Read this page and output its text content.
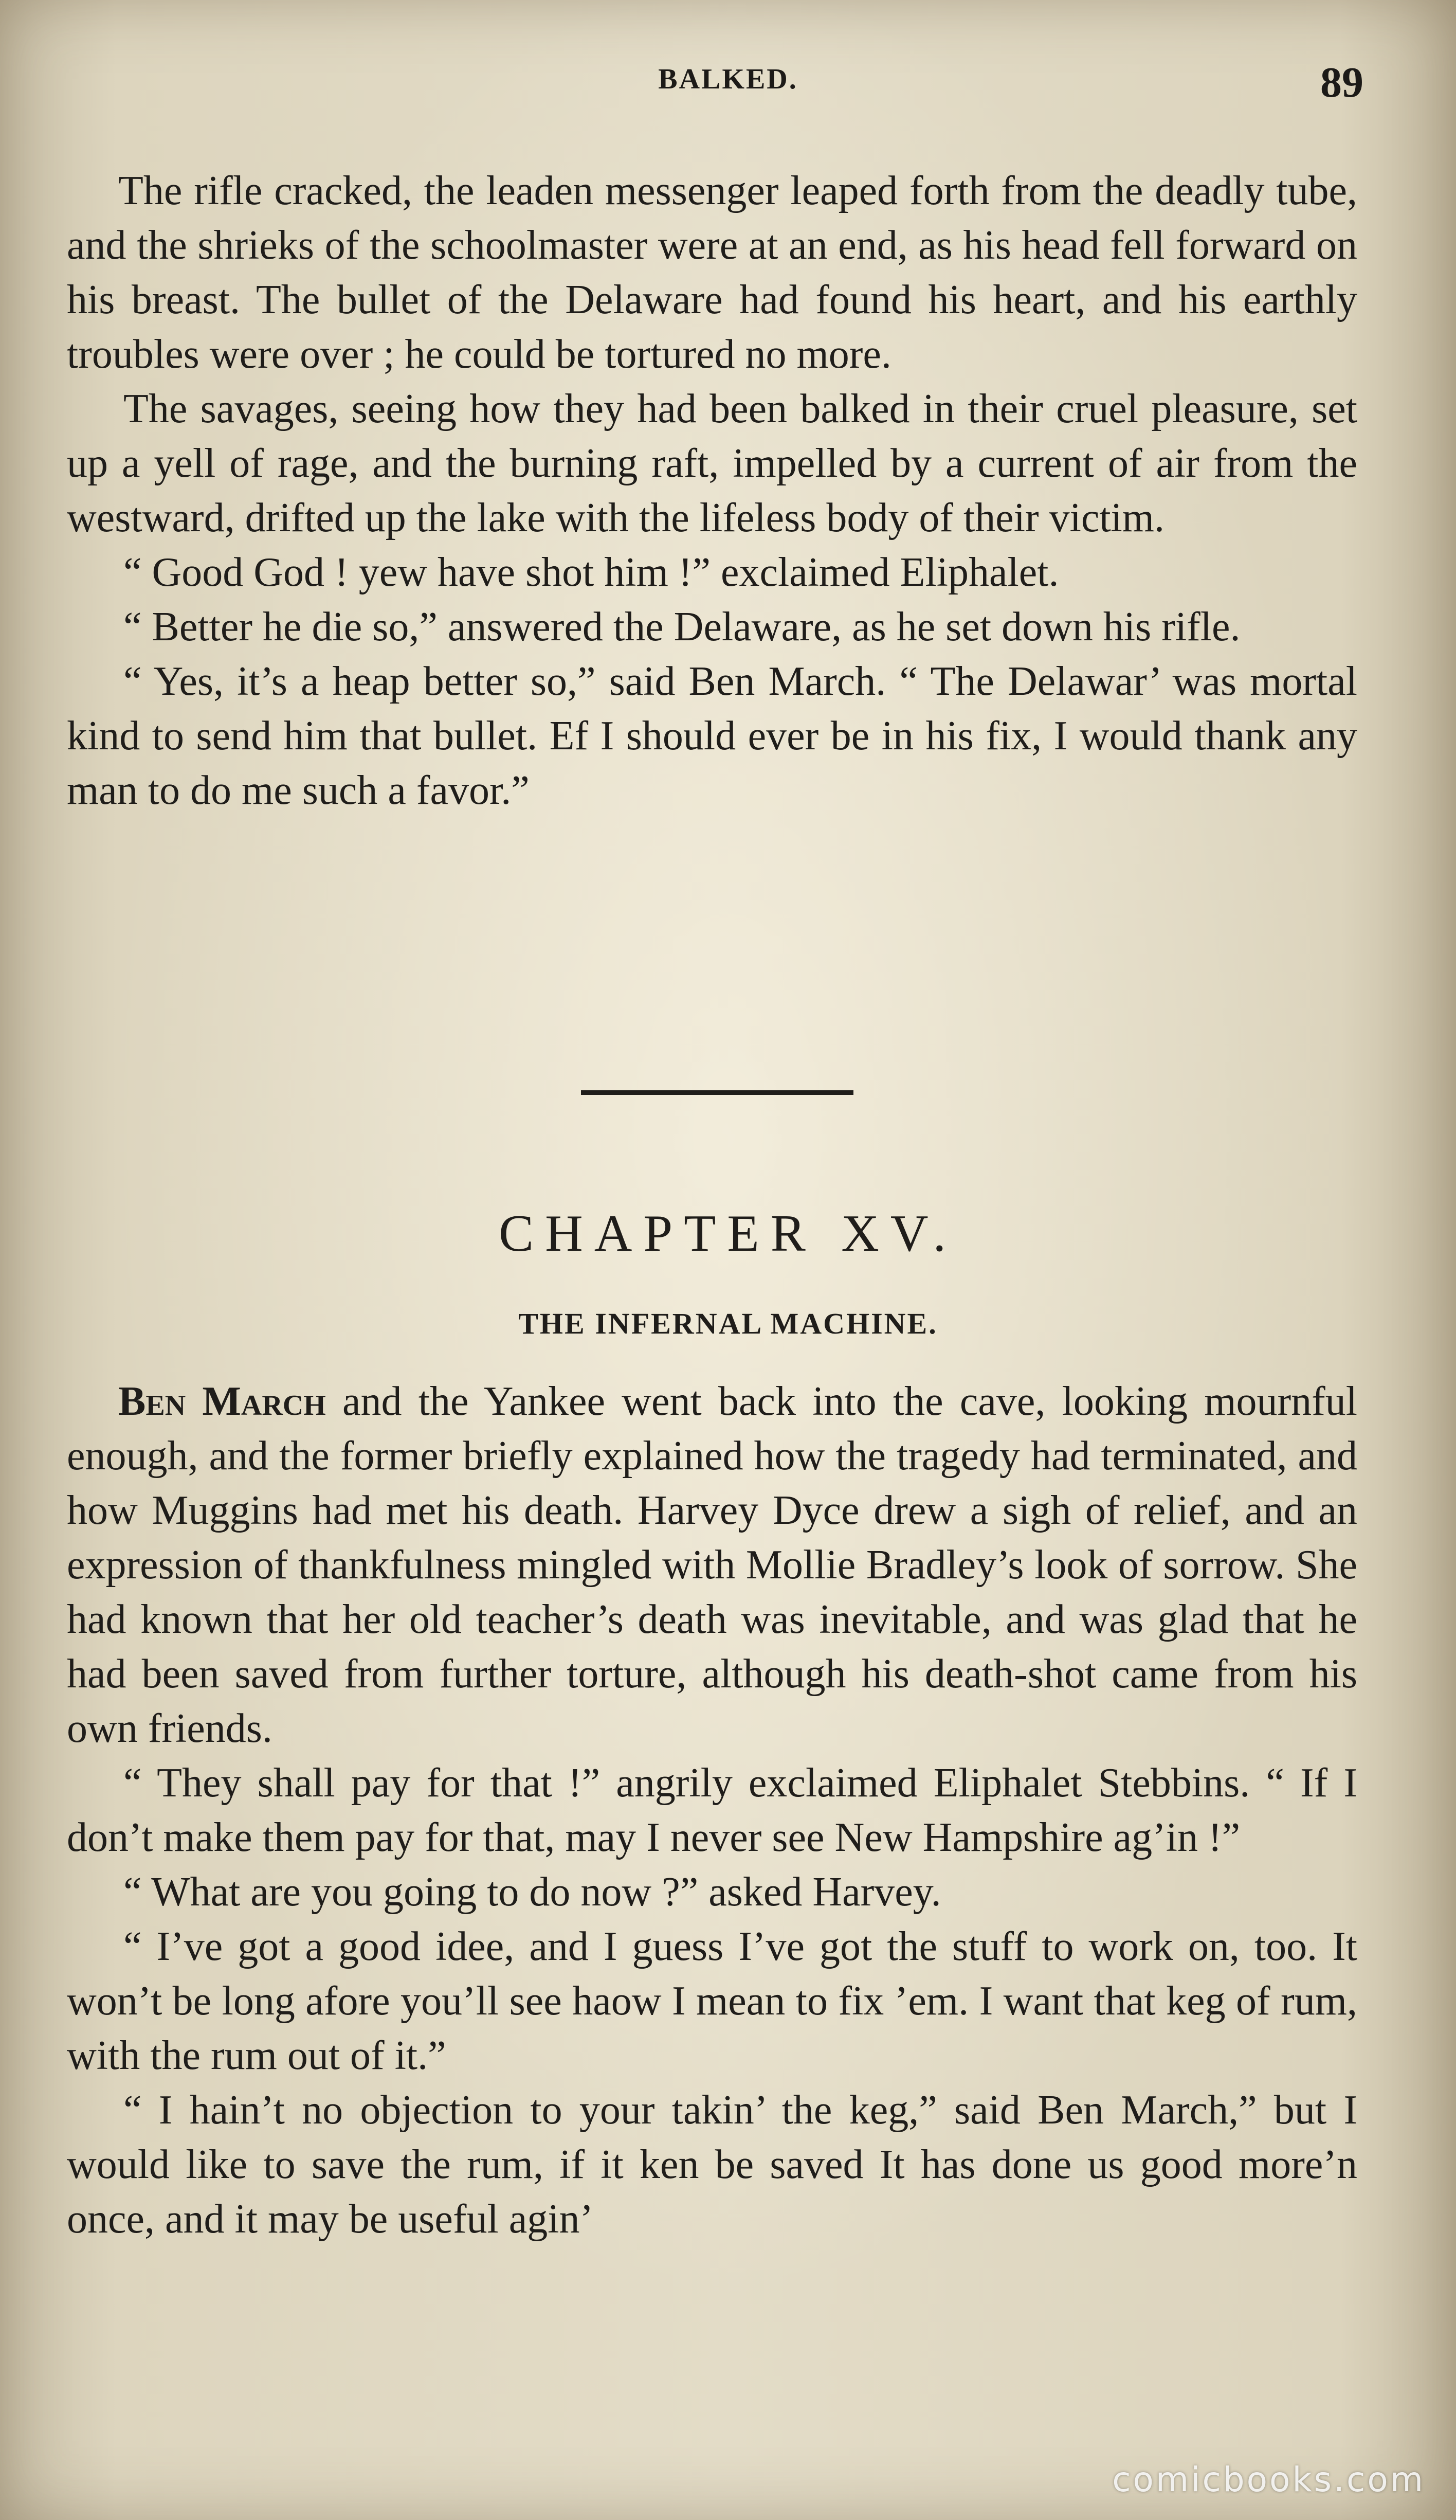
BALKED.	89

The rifle cracked, the leaden messenger leaped forth from the deadly tube, and the shrieks of the schoolmaster were at an end, as his head fell forward on his breast. The bullet of the Delaware had found his heart, and his earthly troubles were over ; he could be tortured no more.

The savages, seeing how they had been balked in their cruel pleasure, set up a yell of rage, and the burning raft, impelled by a current of air from the westward, drifted up the lake with the lifeless body of their victim.

“ Good God ! yew have shot him !” exclaimed Eliphalet.

“ Better he die so,” answered the Delaware, as he set down his rifle.

“ Yes, it’s a heap better so,” said Ben March. “ The Delawar’ was mortal kind to send him that bullet. Ef I should ever be in his fix, I would thank any man to do me such a favor.”

CHAPTER XV.
THE INFERNAL MACHINE.

Ben March and the Yankee went back into the cave, looking mournful enough, and the former briefly explained how the tragedy had terminated, and how Muggins had met his death. Harvey Dyce drew a sigh of relief, and an expression of thankfulness mingled with Mollie Bradley’s look of sorrow. She had known that her old teacher’s death was inevitable, and was glad that he had been saved from further torture, although his death-shot came from his own friends.

“ They shall pay for that !” angrily exclaimed Eliphalet Stebbins. “ If I don’t make them pay for that, may I never see New Hampshire ag’in !”

“ What are you going to do now ?” asked Harvey.

“ I’ve got a good idee, and I guess I’ve got the stuff to work on, too. It won’t be long afore you’ll see haow I mean to fix ’em. I want that keg of rum, with the rum out of it.”

“ I hain’t no objection to your takin’ the keg,” said Ben March,” but I would like to save the rum, if it ken be saved It has done us good more’n once, and it may be useful agin’

comicbooks.com
